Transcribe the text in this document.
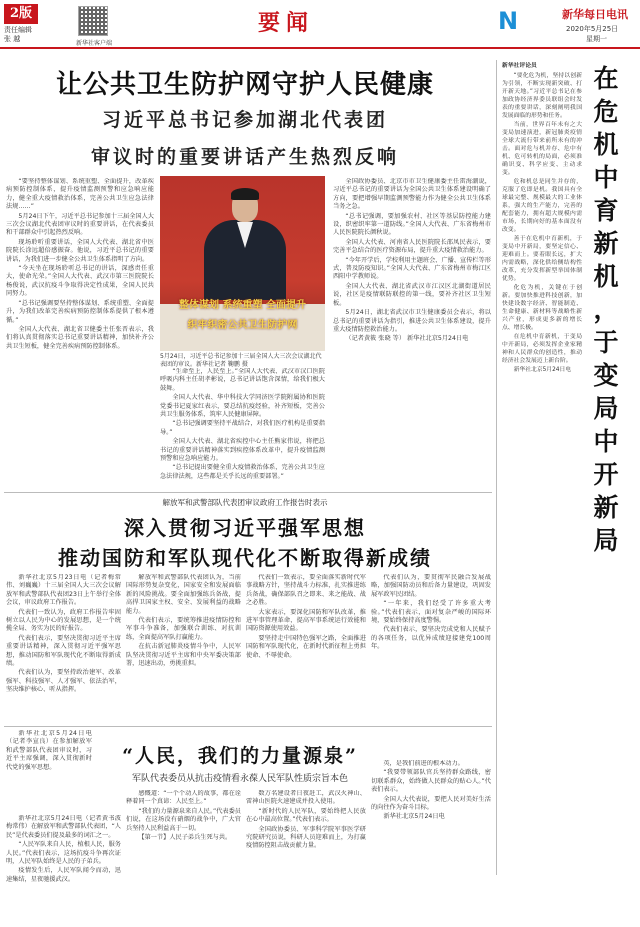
2版
责任编辑
张 越
新华社客户端
要闻	N	新华每日电讯
2020年5月25日
星期一
让公共卫生防护网守护人民健康
习近平总书记参加湖北代表团
审议时的重要讲话产生热烈反响

“要坚持整体谋划、系统重塑、全面提升，改革疾病预防控制体系，提升疫情监测预警和应急响应能力，健全重大疫情救治体系，完善公共卫生应急法律法规……”

5月24日下午，习近平总书记参加十三届全国人大三次会议湖北代表团审议时的重要讲话，在代表委员和干部群众中引起热烈反响。

现场聆听重要讲话，全国人大代表、湖北省中医院院长涂远超倍感振奋。他说，习近平总书记的重要讲话，为我们进一步健全公共卫生体系指明了方向。

“今天坐在现场聆听总书记的讲话，深感责任重大，使命光荣。”全国人大代表、武汉市第三医院院长杨俊说，武汉抗疫斗争取得决定性成果，全国人民共同努力。

“总书记强调要坚持整体谋划、系统重塑、全面提升，为我们改革完善疾病预防控制体系提供了根本遵循。”

全国人大代表、湖北省卫健委主任张晋表示，我们将认真贯彻落实总书记重要讲话精神，加快补齐公共卫生短板，健全完善疾病预防控制体系。

整体谋划 系统重塑 全面提升
织牢织密公共卫生防护网
5月24日，习近平总书记参加十三届全国人大三次会议湖北代表团的审议。新华社记者 鞠鹏 摄

全国政协委员、北京市市卫生健康委主任雷海潮说，习近平总书记的重要讲话为全国公共卫生体系建设明确了方向，要把增强早期监测预警能力作为健全公共卫生体系当务之急。

“总书记强调，要加强农村、社区等基层防控能力建设，织密织牢第一道防线。”全国人大代表、广东省梅州市人民医院院长颜秋说。

全国人大代表、河南省人民医院院长邵凤民表示，要完善平急结合的医疗资源布局，提升重大疫情救治能力。

“今年开学后，学校利用主题班会、广播、宣传栏等形式，普及防疫知识。”全国人大代表、广东省梅州市梅江区西阳中学教师说。

全国人大代表、湖北省武汉市江汉区北湖街道居民说，社区是疫情联防联控的第一线，要补齐社区卫生短板。

5月24日，湖北省武汉市卫生健康委员会表示，将以总书记的重要讲话为指引，推进公共卫生体系建设，提升重大疫情防控救治能力。

（记者黄筱 张晓 等） 新华社北京5月24日电

“生命至上，人民至上。”全国人大代表、武汉市汉口医院呼吸内科主任胡孝彬说，总书记讲话饱含深情，给我们极大鼓舞。

全国人大代表、华中科技大学同济医学院附属协和医院党委书记夏家红表示，要总结抗疫经验，补齐短板，完善公共卫生服务体系，筑牢人民健康屏障。

“总书记强调要坚持平战结合，对我们医疗机构是重要指导。”

全国人大代表、湖北省疾控中心主任熊家伟说，将把总书记的重要讲话精神落实到疾控体系改革中，提升疫情监测预警和应急响应能力。

“总书记提出要健全重大疫情救治体系，完善公共卫生应急法律法规，这些都是关乎长远的重要部署。”

新华社评论员

“要化危为机，坚持以创新为引领，不断实现新突破、打开新天地。”习近平总书记在参加政协经济界委员联组会时发表的重要讲话，深刻阐明我国发展面临的形势和任务。

当前，世界百年未有之大变局加速演进，新冠肺炎疫情全球大流行带来前所未有的冲击。面对危与机并存、危中有机、危可转机的局面，必须准确识变、科学应变、主动求变。

危和机总是同生并存的，克服了危即是机。我国具有全球最完整、规模最大的工业体系，强大的生产能力，完善的配套能力，拥有超大规模内需市场，长期向好的基本面没有改变。

善于在危机中育新机，于变局中开新局，要坚定信心、迎难而上。要着眼长远，扩大内需战略，深化供给侧结构性改革，充分发挥新型举国体制优势。

化危为机，关键在于创新。要加快推进科技创新，加快建设数字经济、智能制造、生命健康、新材料等战略性新兴产业，形成更多新的增长点、增长极。

在危机中育新机，于变局中开新局，必须发挥企业家精神和人民群众的创造性，推动经济社会发展迈上新台阶。

新华社北京5月24日电

在
危
机
中
育
新
机
，
于
变
局
中
开
新
局
解放军和武警部队代表团审议政府工作报告时表示
深入贯彻习近平强军思想
推动国防和军队现代化不断取得新成绩

新华社北京5月23日电（记者梅常伟、刘巍巍）十三届全国人大三次会议解放军和武警部队代表团23日上午举行全体会议，审议政府工作报告。

代表们一致认为，政府工作报告牢固树立以人民为中心的发展思想，是一个统揽全局、务实为民的好报告。

代表们表示，要坚决贯彻习近平主席重要讲话精神，深入贯彻习近平强军思想，推动国防和军队现代化不断取得新成绩。

代表们认为，要坚持政治建军、改革强军、科技强军、人才强军、依法治军，坚决维护核心、听从指挥。

解放军和武警部队代表团认为，当前国际形势复杂变化，国家安全和发展面临新的风险挑战。要全面加强练兵备战，提高捍卫国家主权、安全、发展利益的战略能力。

代表们表示，要统筹推进疫情防控和军事斗争准备，加强联合训练、对抗训练，全面提高军队打赢能力。

在抗击新冠肺炎疫情斗争中，人民军队坚决贯彻习近平主席和中央军委决策部署，迅速出动，勇挑重担。

代表们一致表示，要全面落实新时代军事战略方针，坚持战斗力标准，扎实推进练兵备战，确保部队召之即来、来之能战、战之必胜。

大家表示，要深化国防和军队改革，推进军事管理革命，提高军事系统运行效能和国防资源使用效益。

要坚持走中国特色强军之路，全面推进国防和军队现代化，在新时代新征程上勇担使命、不辱使命。

代表们认为，要贯彻军民融合发展战略，加强国防动员和后备力量建设，巩固发展军政军民团结。

“一年来，我们经受了许多重大考验。”代表们表示，面对复杂严峻的国际环境，要始终保持高度警惕。

代表们表示，要坚决完成党和人民赋予的各项任务，以优异成绩迎接建党100周年。

新华社北京5月24日电（记者李宣良）在参加解放军和武警部队代表团审议时，习近平主席强调，深入贯彻新时代党的强军思想。

“人民，我们的力量源泉”
军队代表委员从抗击疫情看永葆人民军队性质宗旨本色

新华社北京5月24日电（记者黄书波 梅常伟）在解放军和武警部队代表团，“人民”是代表委员们提及最多的词汇之一。

“人民军队来自人民，植根人民，服务人民。”代表们表示，这场抗疫斗争再次证明，人民军队始终是人民的子弟兵。

疫情发生后，人民军队闻令而动，迅速集结，星夜驰援武汉。

感慨道：“一个个动人的故事，都在诠释着同一个真谛：人民至上。”

“我们的力量源泉来自人民。”代表委员们说，在这场没有硝烟的战争中，广大官兵坚持人民利益高于一切。

【第一节】人民子弟兵生死与共。

数万名建设者日夜赶工，武汉火神山、雷神山医院火速建成并投入使用。

“新时代的人民军队，要始终把人民放在心中最高位置。”代表们表示。

全国政协委员、军事科学院军事医学研究院研究员说，科研人员迎难而上，为打赢疫情防控阻击战贡献力量。

英，是我们前进的根本动力。

“我要带领部队官兵坚持群众路线，密切联系群众，始终做人民群众的贴心人。”代表们表示。

全国人大代表说，要把人民对美好生活的向往作为奋斗目标。

新华社北京5月24日电
